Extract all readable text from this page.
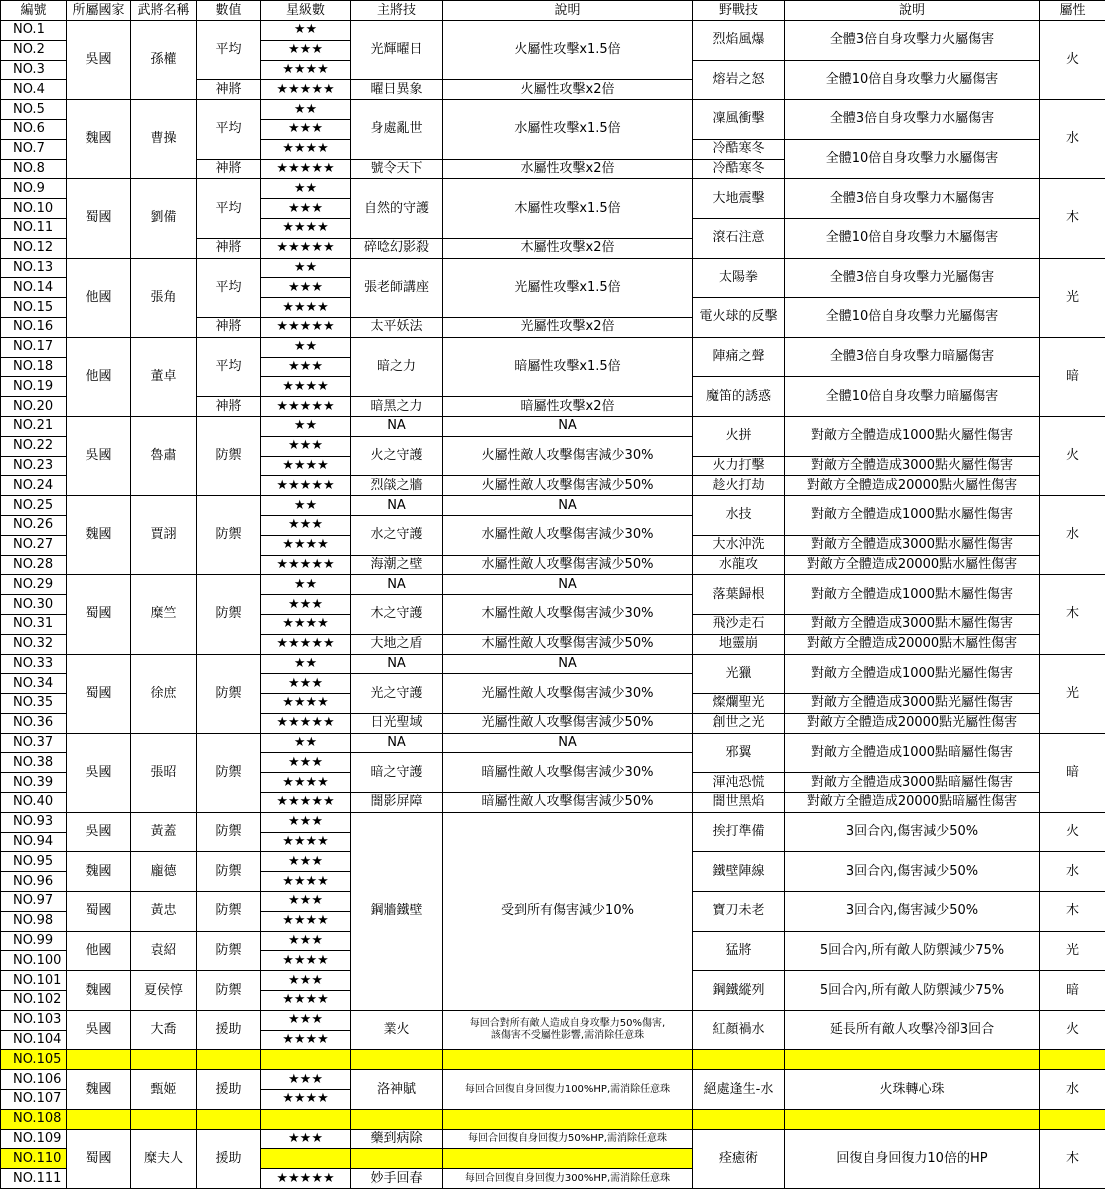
編號	所屬國家	武將名稱	數值	星級數	主將技	說明	野戰技	說明	屬性
NO.1	吳國	孫權	平均	★★	光輝曜日	火屬性攻擊x1.5倍	烈焰風爆	全體3倍自身攻擊力火屬傷害	火
NO.2				★★★					
NO.3				★★★★			熔岩之怒	全體10倍自身攻擊力火屬傷害	
NO.4			神將	★★★★★	曜日異象	火屬性攻擊x2倍			
NO.5	魏國	曹操	平均	★★	身處亂世	水屬性攻擊x1.5倍	凜風衝擊	全體3倍自身攻擊力水屬傷害	水
NO.6				★★★					
NO.7				★★★★			冷酷寒冬	全體10倍自身攻擊力水屬傷害	
NO.8			神將	★★★★★	號令天下	水屬性攻擊x2倍	冷酷寒冬		
NO.9	蜀國	劉備	平均	★★	自然的守護	木屬性攻擊x1.5倍	大地震擊	全體3倍自身攻擊力木屬傷害	木
NO.10				★★★					
NO.11				★★★★			滾石注意	全體10倍自身攻擊力木屬傷害	
NO.12			神將	★★★★★	碎唸幻影殺	木屬性攻擊x2倍			
NO.13	他國	張角	平均	★★	張老師講座	光屬性攻擊x1.5倍	太陽拳	全體3倍自身攻擊力光屬傷害	光
NO.14				★★★					
NO.15				★★★★			電火球的反擊	全體10倍自身攻擊力光屬傷害	
NO.16			神將	★★★★★	太平妖法	光屬性攻擊x2倍			
NO.17	他國	董卓	平均	★★	暗之力	暗屬性攻擊x1.5倍	陣痛之聲	全體3倍自身攻擊力暗屬傷害	暗
NO.18				★★★					
NO.19				★★★★			魔笛的誘惑	全體10倍自身攻擊力暗屬傷害	
NO.20			神將	★★★★★	暗黑之力	暗屬性攻擊x2倍			
NO.21	吳國	魯肅	防禦	★★	NA	NA	火拼	對敵方全體造成1000點火屬性傷害	火
NO.22				★★★	火之守護	火屬性敵人攻擊傷害減少30%			
NO.23				★★★★			火力打擊	對敵方全體造成3000點火屬性傷害	
NO.24				★★★★★	烈燄之牆	火屬性敵人攻擊傷害減少50%	趁火打劫	對敵方全體造成20000點火屬性傷害	
NO.25	魏國	賈詡	防禦	★★	NA	NA	水技	對敵方全體造成1000點水屬性傷害	水
NO.26				★★★	水之守護	水屬性敵人攻擊傷害減少30%			
NO.27				★★★★			大水沖洗	對敵方全體造成3000點水屬性傷害	
NO.28				★★★★★	海潮之壁	水屬性敵人攻擊傷害減少50%	水龍攻	對敵方全體造成20000點水屬性傷害	
NO.29	蜀國	糜竺	防禦	★★	NA	NA	落葉歸根	對敵方全體造成1000點木屬性傷害	木
NO.30				★★★	木之守護	木屬性敵人攻擊傷害減少30%			
NO.31				★★★★			飛沙走石	對敵方全體造成3000點木屬性傷害	
NO.32				★★★★★	大地之盾	木屬性敵人攻擊傷害減少50%	地靈崩	對敵方全體造成20000點木屬性傷害	
NO.33	蜀國	徐庶	防禦	★★	NA	NA	光獵	對敵方全體造成1000點光屬性傷害	光
NO.34				★★★	光之守護	光屬性敵人攻擊傷害減少30%			
NO.35				★★★★			燦爛聖光	對敵方全體造成3000點光屬性傷害	
NO.36				★★★★★	日光聖域	光屬性敵人攻擊傷害減少50%	創世之光	對敵方全體造成20000點光屬性傷害	
NO.37	吳國	張昭	防禦	★★	NA	NA	邪翼	對敵方全體造成1000點暗屬性傷害	暗
NO.38				★★★	暗之守護	暗屬性敵人攻擊傷害減少30%			
NO.39				★★★★			渾沌恐慌	對敵方全體造成3000點暗屬性傷害	
NO.40				★★★★★	闇影屏障	暗屬性敵人攻擊傷害減少50%	闇世黑焰	對敵方全體造成20000點暗屬性傷害	
NO.93	吳國	黃蓋	防禦	★★★	鋼牆鐵壁	受到所有傷害減少10%	挨打準備	3回合內,傷害減少50%	火
NO.94				★★★★					
NO.95	魏國	龐德	防禦	★★★			鐵壁陣線	3回合內,傷害減少50%	水
NO.96				★★★★					
NO.97	蜀國	黃忠	防禦	★★★			寶刀未老	3回合內,傷害減少50%	木
NO.98				★★★★					
NO.99	他國	袁紹	防禦	★★★			猛將	5回合內,所有敵人防禦減少75%	光
NO.100				★★★★					
NO.101	魏國	夏侯惇	防禦	★★★			鋼鐵縱列	5回合內,所有敵人防禦減少75%	暗
NO.102				★★★★					
NO.103	吳國	大喬	援助	★★★	業火	每回合對所有敵人造成自身攻擊力50%傷害,
該傷害不受屬性影響,需消除任意珠	紅顏禍水	延長所有敵人攻擊冷卻3回合	火
NO.104				★★★★					
NO.105									
NO.106	魏國	甄姬	援助	★★★	洛神賦	每回合回復自身回復力100%HP,需消除任意珠	絕處逢生-水	火珠轉心珠	水
NO.107				★★★★					
NO.108									
NO.109	蜀國	糜夫人	援助	★★★	藥到病除	每回合回復自身回復力50%HP,需消除任意珠	痊癒術	回復自身回復力10倍的HP	木
NO.110									
NO.111				★★★★★	妙手回春	每回合回復自身回復力300%HP,需消除任意珠			
